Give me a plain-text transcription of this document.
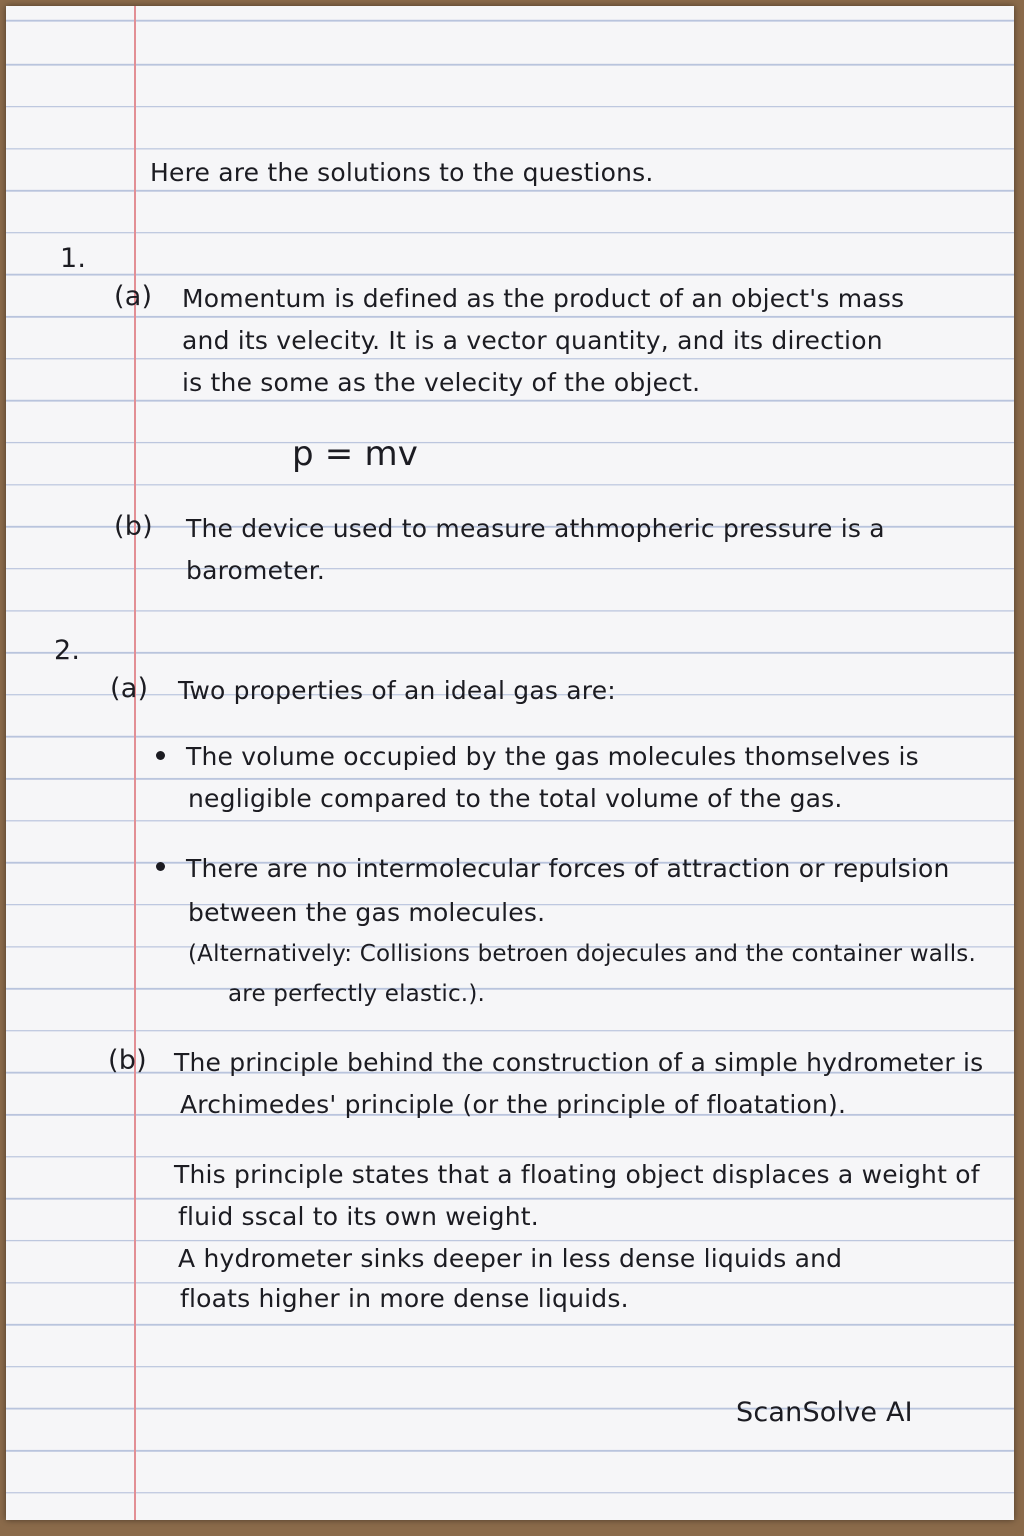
Here are the solutions to the questions.

1.

(a) Momentum is defined as the product of an object's mass

and its velecity. It is a vector quantity, and its direction

is the some as the velecity of the object.

p = mv

(b) The device used to measure athmopheric pressure is a

barometer.

2.

(a) Two properties of an ideal gas are:

The volume occupied by the gas molecules thomselves is

negligible compared to the total volume of the gas.

There are no intermolecular forces of attraction or repulsion

between the gas molecules.

(Alternatively: Collisions betroen dojecules and the container walls.

are perfectly elastic.).

(b) The principle behind the construction of a simple hydrometer is

Archimedes' principle (or the principle of floatation).

This principle states that a floating object displaces a weight of

fluid sscal to its own weight.

A hydrometer sinks deeper in less dense liquids and

floats higher in more dense liquids.

ScanSolve AI
